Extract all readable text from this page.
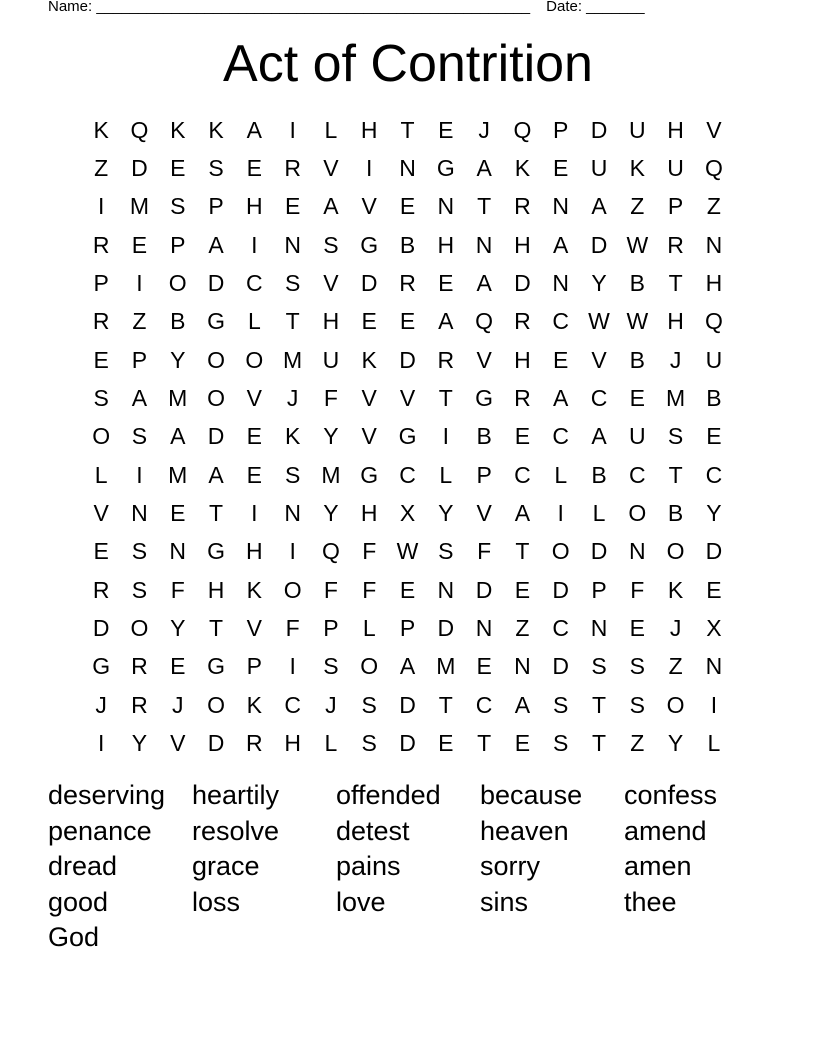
Name: ____________________________________________________ Date: _______
Act of Contrition
K Q K K A	I	L	H T	E	J	Q P D U H V
Z D E S E R V	I	N G A K E U K U Q
I	M S P H E A V E N T R N A	Z	P	Z
R E P A	I	N S G B H N H A D W R N
P	I	O D C S V D R E A D N Y B	T H
R Z	B G L	T H E E A Q R C W W H Q
E P Y O O M U K D R V H E V B	J	U
S A M O V	J	F	V V	T G R A C E M B
O S A D E K Y V G	I	B E C A U S E
L	I	M A E S M G C	L	P C	L	B C T C
V N E	T	I	N Y H X Y V A	I	L O B Y
E S N G H	I	Q F W S	F	T O D N O D
R S	F H K O F	F	E N D E D P	F	K E
D O Y	T	V	F	P	L	P D N Z C N E	J	X
G R E G P	I	S O A M E N D S S	Z N
J	R	J	O K C	J	S D T C A S	T	S O	I
I	Y V D R H	L	S D E	T	E S	T	Z	Y	L
deserving heartily	offended	because	confess
penance	resolve	detest	heaven	amend
dread	grace	pains	sorry	amen
good	loss	love	sins	thee
God
